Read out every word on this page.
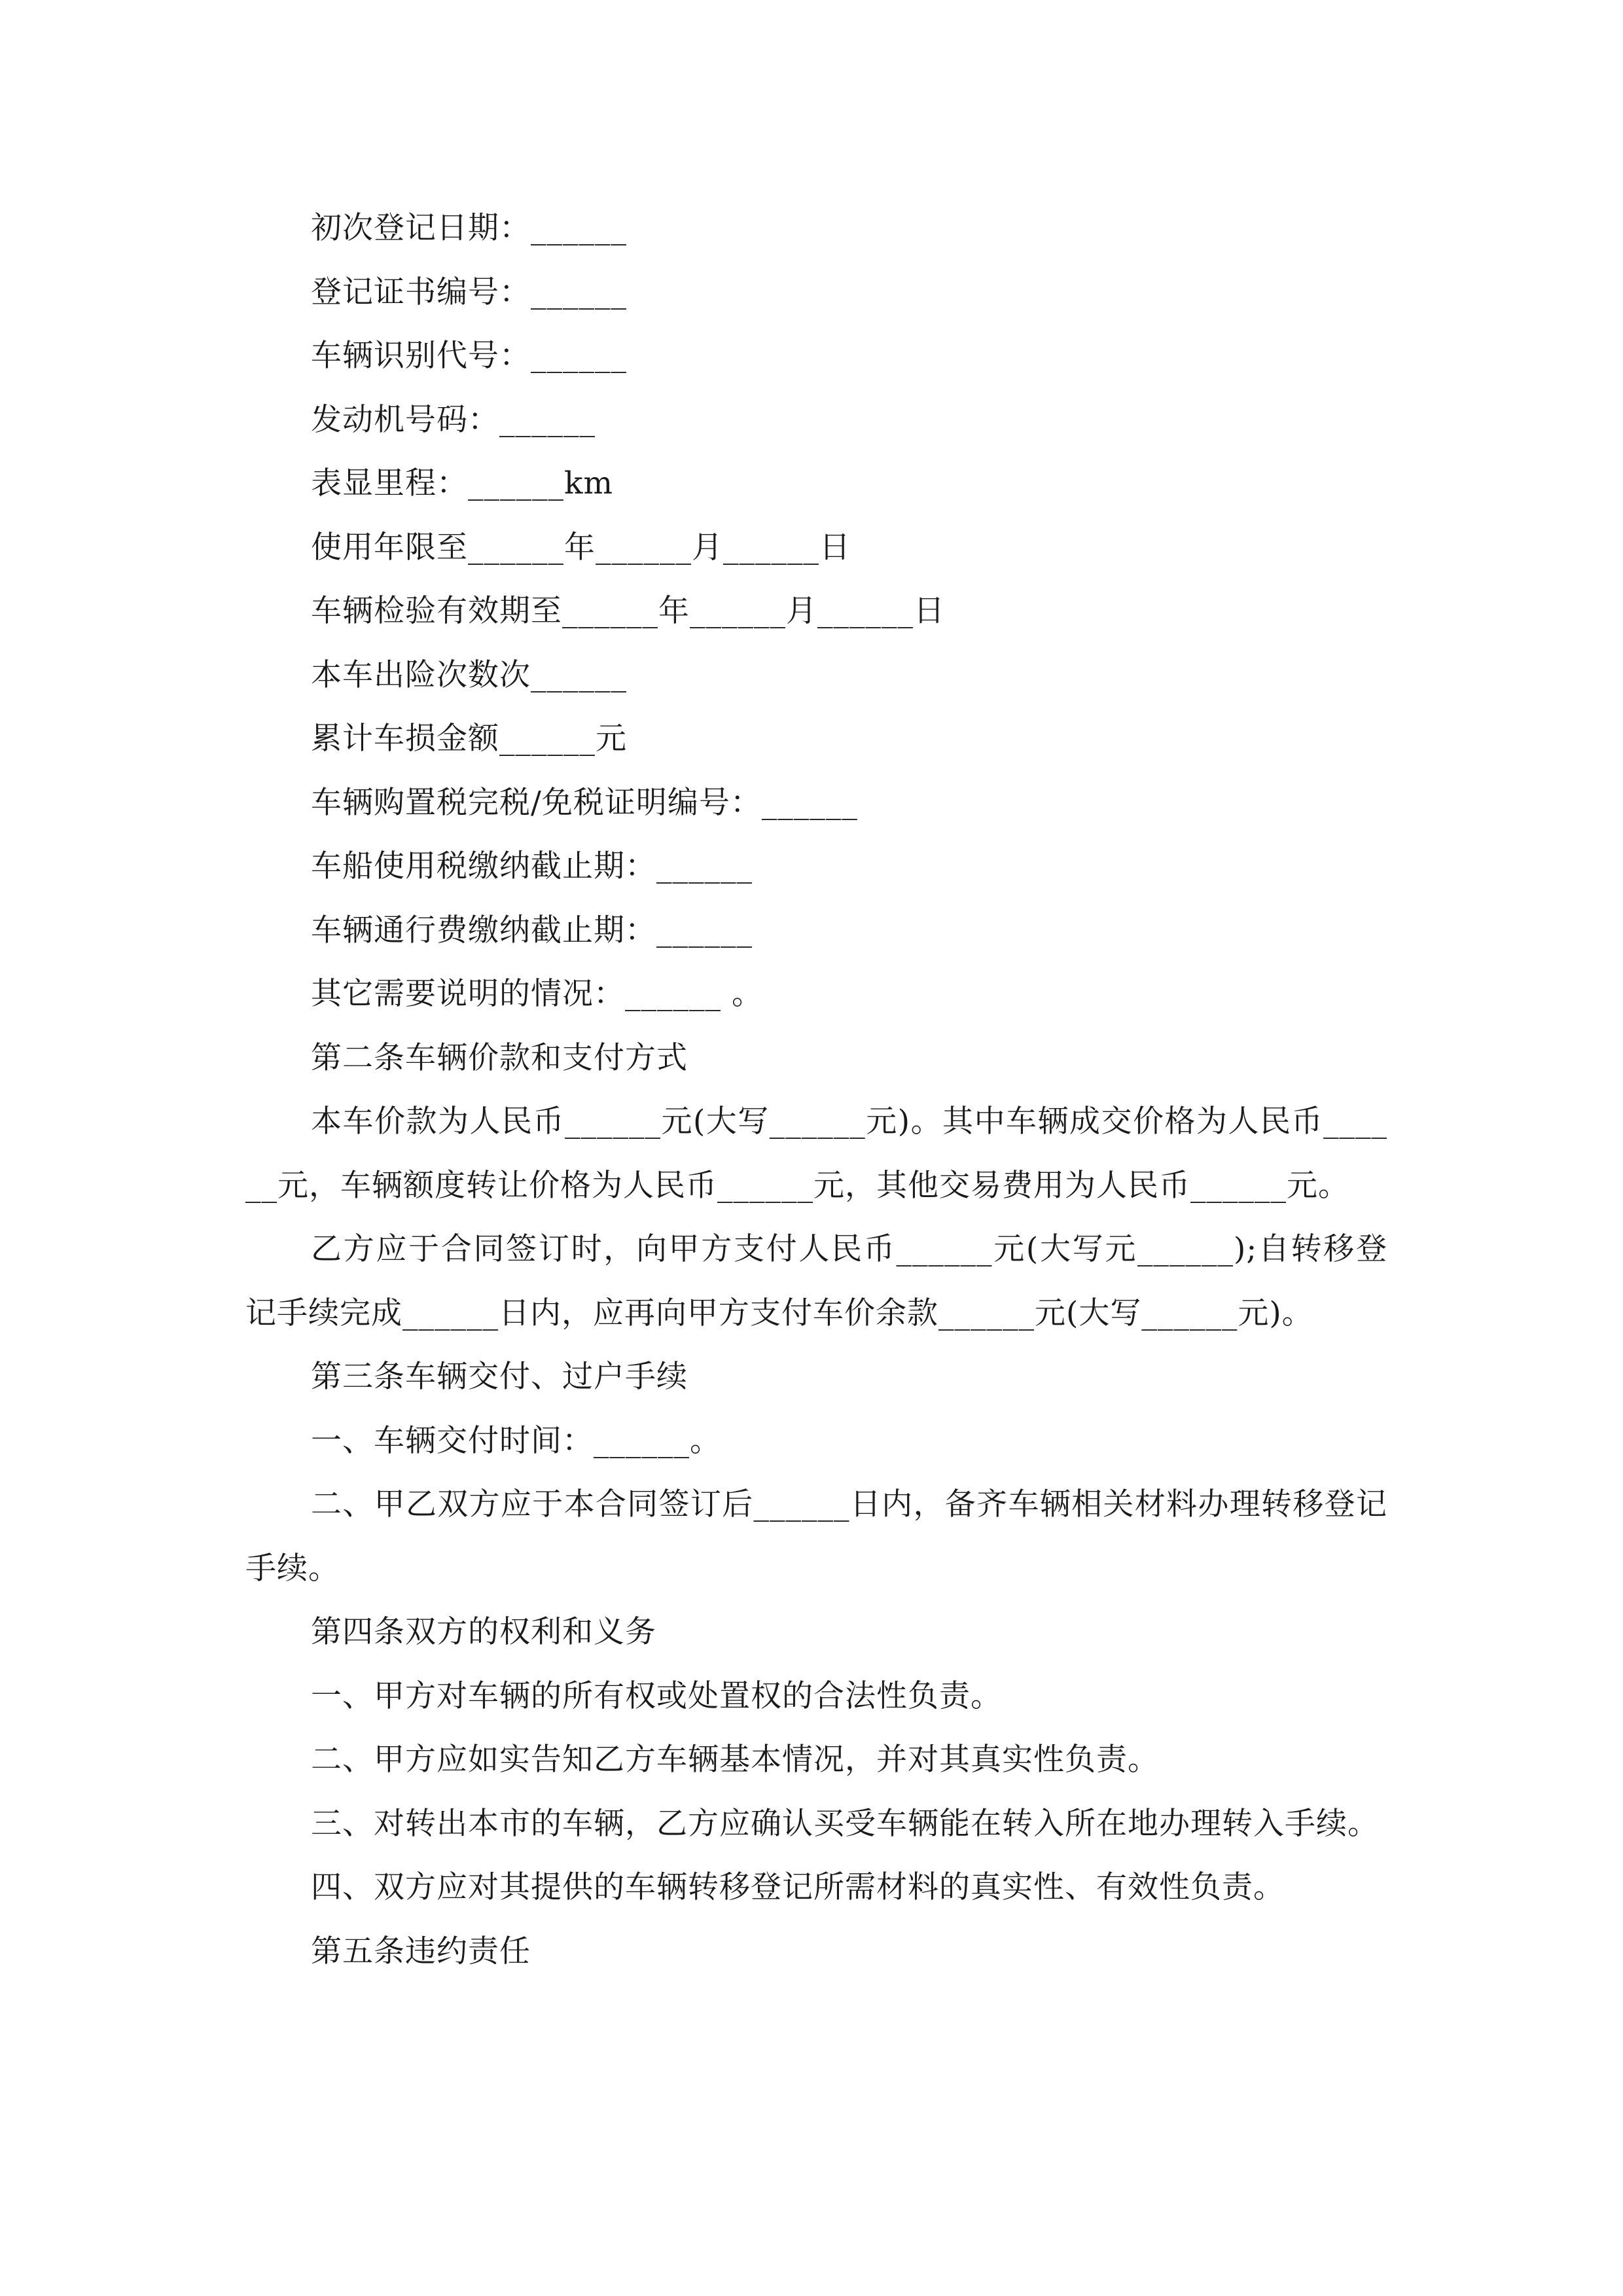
初次登记日期：______

登记证书编号：______

车辆识别代号：______

发动机号码：______

表显里程：______km

使用年限至______年______月______日

车辆检验有效期至______年______月______日

本车出险次数次______

累计车损金额______元

车辆购置税完税/免税证明编号：______

车船使用税缴纳截止期：______

车辆通行费缴纳截止期：______

其它需要说明的情况：______ 。

第二条车辆价款和支付方式

本车价款为人民币______元(大写______元)。其中车辆成交价格为人民币______元，车辆额度转让价格为人民币______元，其他交易费用为人民币______元。

乙方应于合同签订时，向甲方支付人民币______元(大写元______);自转移登记手续完成______日内，应再向甲方支付车价余款______元(大写______元)。

第三条车辆交付、过户手续

一、车辆交付时间：______。

二、甲乙双方应于本合同签订后______日内，备齐车辆相关材料办理转移登记手续。

第四条双方的权利和义务

一、甲方对车辆的所有权或处置权的合法性负责。

二、甲方应如实告知乙方车辆基本情况，并对其真实性负责。

三、对转出本市的车辆，乙方应确认买受车辆能在转入所在地办理转入手续。

四、双方应对其提供的车辆转移登记所需材料的真实性、有效性负责。

第五条违约责任
